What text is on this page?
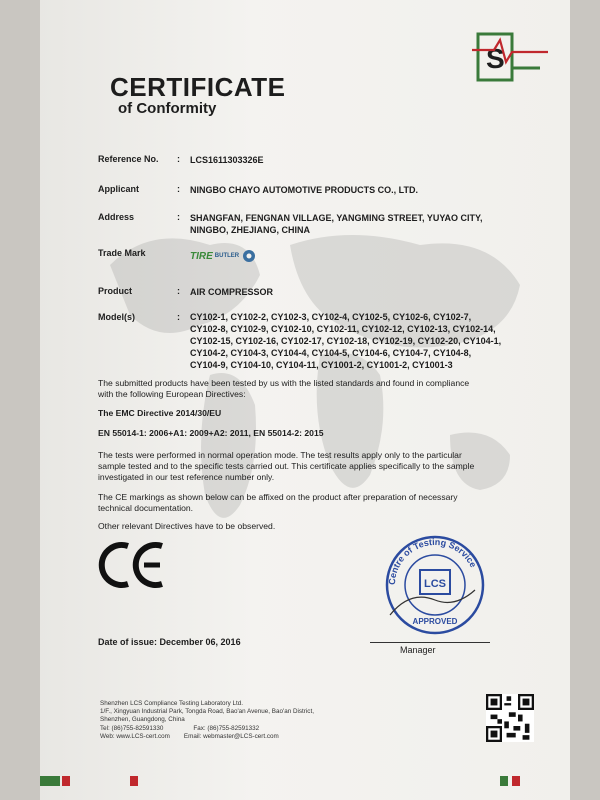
S
CERTIFICATE
of Conformity
Reference No. : LCS1611303326E
Applicant	: NINGBO CHAYO AUTOMOTIVE PRODUCTS CO., LTD.
Address	: SHANGFAN, FENGNAN VILLAGE, YANGMING STREET, YUYAO CITY,
NINGBO, ZHEJIANG, CHINA
Trade Mark	TIRE BUTLER
Product	: AIR COMPRESSOR
Model(s)	: CY102-1, CY102-2, CY102-3, CY102-4, CY102-5, CY102-6, CY102-7,
CY102-8, CY102-9, CY102-10, CY102-11, CY102-12, CY102-13, CY102-14,
CY102-15, CY102-16, CY102-17, CY102-18, CY102-19, CY102-20, CY104-1,
CY104-2, CY104-3, CY104-4, CY104-5, CY104-6, CY104-7, CY104-8,
CY104-9, CY104-10, CY104-11, CY1001-2, CY1001-2, CY1001-3
The submitted products have been tested by us with the listed standards and found in compliance
with the following European Directives:
The EMC Directive 2014/30/EU
EN 55014-1: 2006+A1: 2009+A2: 2011, EN 55014-2: 2015
The tests were performed in normal operation mode. The test results apply only to the particular
sample tested and to the specific tests carried out. This certificate applies specifically to the sample
investigated in our test reference number only.
The CE markings as shown below can be affixed on the product after preparation of necessary
technical documentation.
Other relevant Directives have to be observed.
Centre of Testing Service
LCS
APPROVED
Date of issue: December 06, 2016
Manager
Shenzhen LCS Compliance Testing Laboratory Ltd.
1/F., Xingyuan Industrial Park, Tongda Road, Bao'an Avenue, Bao'an District,
Shenzhen, Guangdong, China
Tel: (86)755-82591330	Fax: (86)755-82591332
Web: www.LCS-cert.com Email: webmaster@LCS-cert.com
